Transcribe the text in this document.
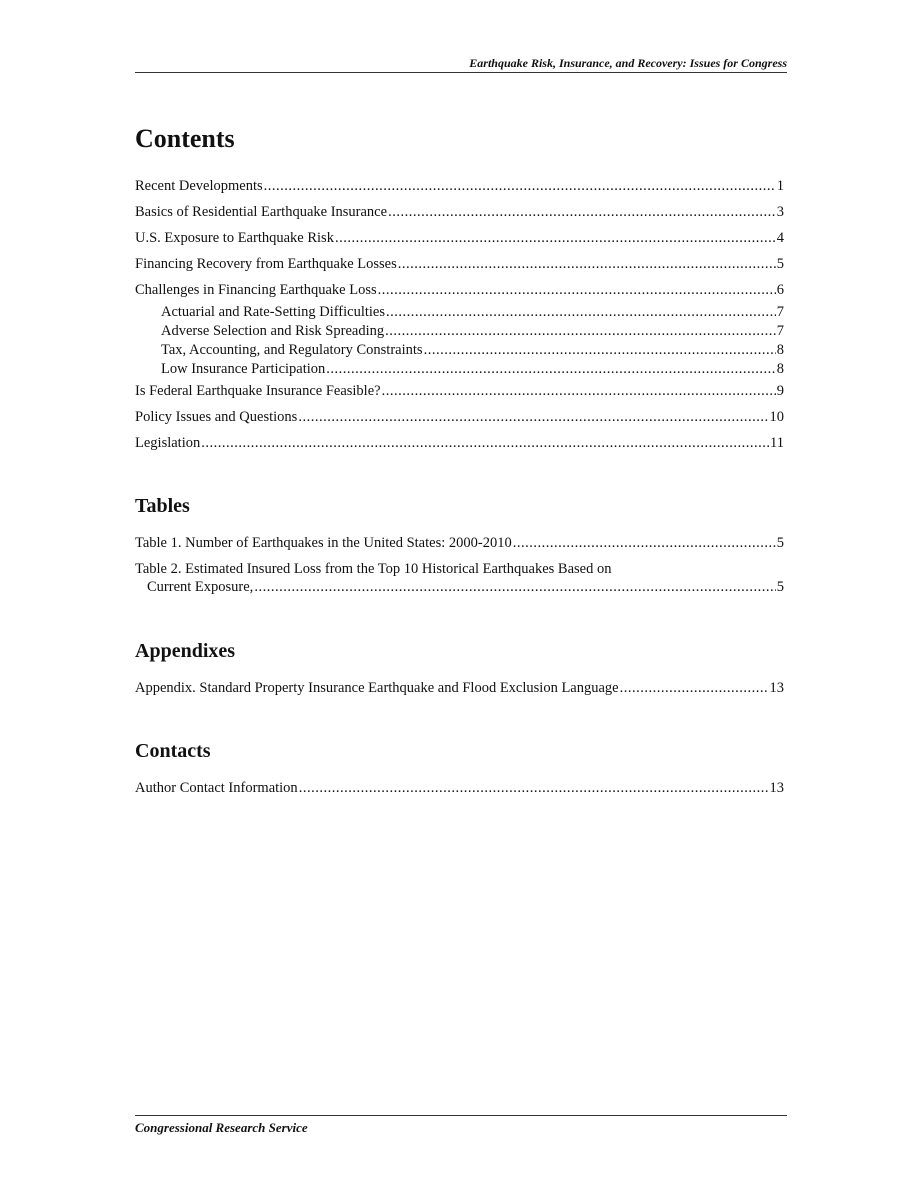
Earthquake Risk, Insurance, and Recovery: Issues for Congress
Contents
Recent Developments .....	1
Basics of Residential Earthquake Insurance .....	3
U.S. Exposure to Earthquake Risk .....	4
Financing Recovery from Earthquake Losses .....	5
Challenges in Financing Earthquake Loss .....	6
Actuarial and Rate-Setting Difficulties .....	7
Adverse Selection and Risk Spreading .....	7
Tax, Accounting, and Regulatory Constraints .....	8
Low Insurance Participation .....	8
Is Federal Earthquake Insurance Feasible? .....	9
Policy Issues and Questions .....	10
Legislation .....	11
Tables
Table 1. Number of Earthquakes in the United States: 2000-2010 .....	5
Table 2. Estimated Insured Loss from the Top 10 Historical Earthquakes Based on
Current Exposure, .....	5
Appendixes
Appendix. Standard Property Insurance Earthquake and Flood Exclusion Language .....	13
Contacts
Author Contact Information .....	13
Congressional Research Service
